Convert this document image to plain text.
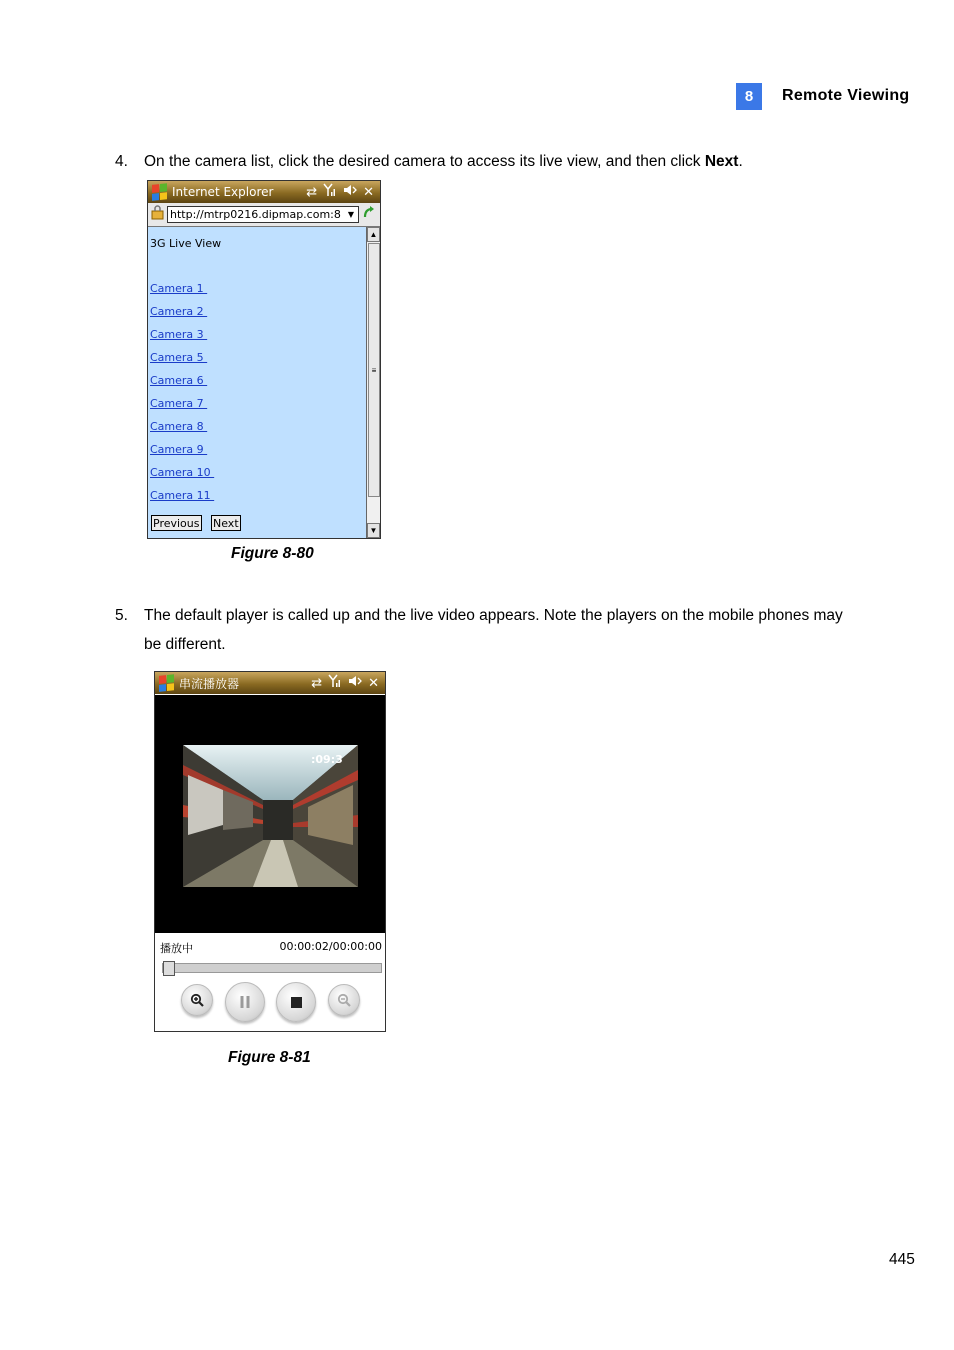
8	Remote Viewing
4. On the camera list, click the desired camera to access its live view, and then click Next.
Internet Explorer	⇄	✕
http://mtrp0216.dipmap.com:8 ▼
3G Live View
Camera 1
Camera 2
Camera 3
Camera 5
Camera 6
Camera 7
Camera 8
Camera 9
Camera 10
Camera 11
Previous Next
▲
≡
▼
Figure 8-80
5. The default player is called up and the live video appears. Note the players on the mobile phones may be different.
串流播放器	⇄	✕
:09:3
播放中	00:00:02/00:00:00
Figure 8-81
445
